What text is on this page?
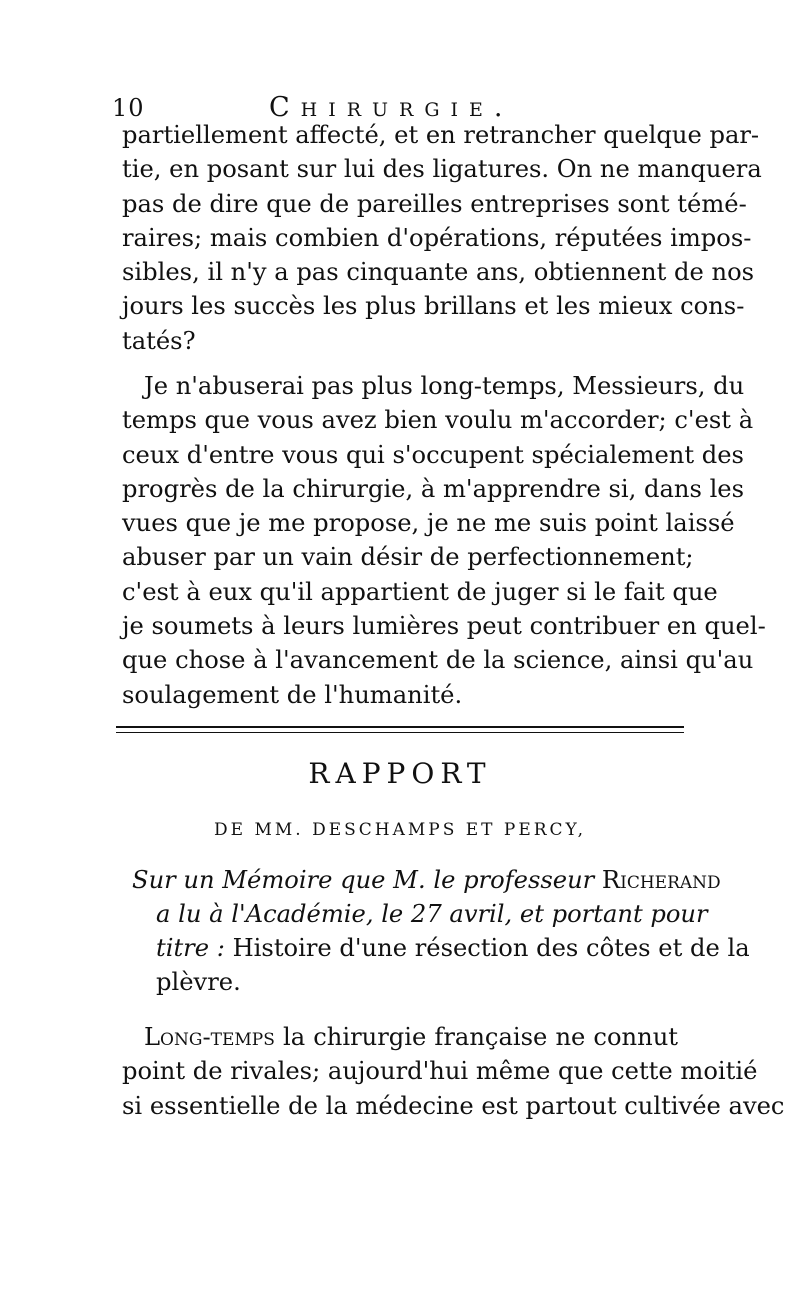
10	Chirurgie.
partiellement affecté, et en retrancher quelque par-
tie, en posant sur lui des ligatures. On ne manquera
pas de dire que de pareilles entreprises sont témé-
raires; mais combien d'opérations, réputées impos-
sibles, il n'y a pas cinquante ans, obtiennent de nos
jours les succès les plus brillans et les mieux cons-
tatés?
Je n'abuserai pas plus long-temps, Messieurs, du
temps que vous avez bien voulu m'accorder; c'est à
ceux d'entre vous qui s'occupent spécialement des
progrès de la chirurgie, à m'apprendre si, dans les
vues que je me propose, je ne me suis point laissé
abuser par un vain désir de perfectionnement;
c'est à eux qu'il appartient de juger si le fait que
je soumets à leurs lumières peut contribuer en quel-
que chose à l'avancement de la science, ainsi qu'au
soulagement de l'humanité.
RAPPORT
DE MM. DESCHAMPS ET PERCY,
Sur un Mémoire que M. le professeur Richerand
a lu à l'Académie, le 27 avril, et portant pour
titre : Histoire d'une résection des côtes et de la
plèvre.
Long-temps la chirurgie française ne connut
point de rivales; aujourd'hui même que cette moitié
si essentielle de la médecine est partout cultivée avec
